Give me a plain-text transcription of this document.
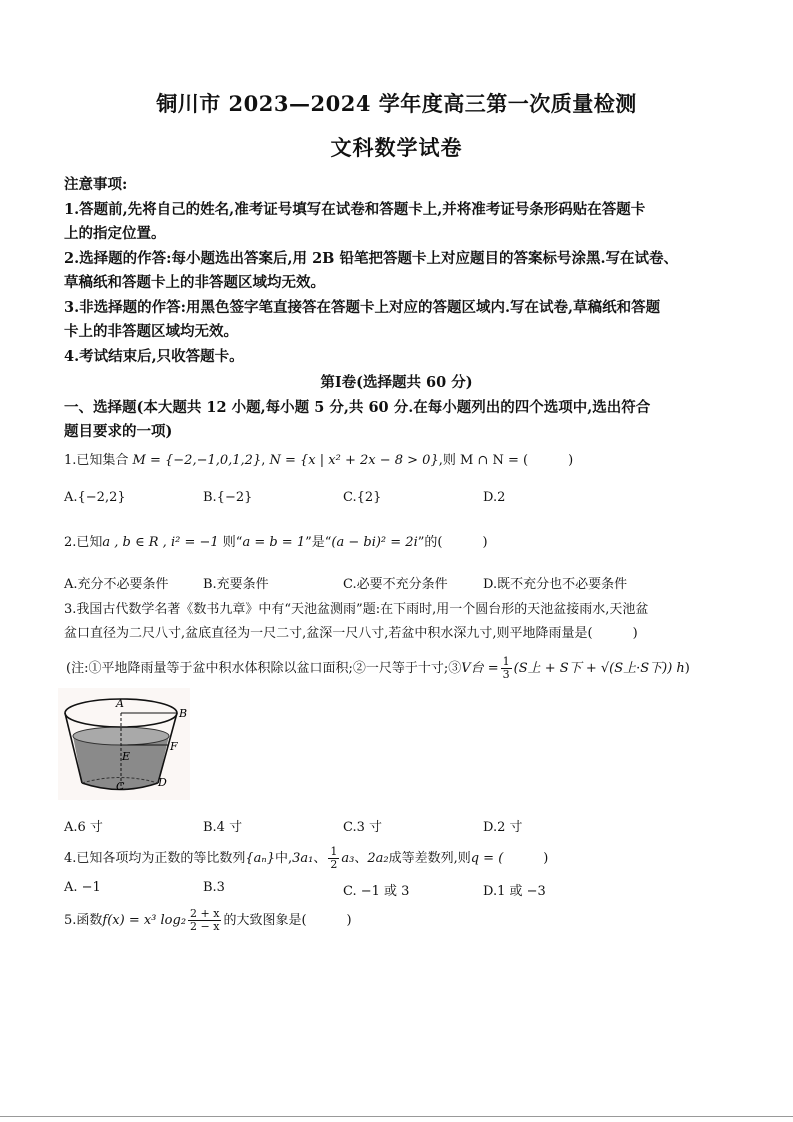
铜川市 2023—2024 学年度高三第一次质量检测
文科数学试卷
注意事项:
1.答题前,先将自己的姓名,准考证号填写在试卷和答题卡上,并将准考证号条形码贴在答题卡
上的指定位置。
2.选择题的作答:每小题选出答案后,用 2B 铅笔把答题卡上对应题目的答案标号涂黑.写在试卷、
草稿纸和答题卡上的非答题区域均无效。
3.非选择题的作答:用黑色签字笔直接答在答题卡上对应的答题区域内.写在试卷,草稿纸和答题
卡上的非答题区域均无效。
4.考试结束后,只收答题卡。
第Ⅰ卷(选择题共 60 分)
一、选择题(本大题共 12 小题,每小题 5 分,共 60 分.在每小题列出的四个选项中,选出符合
题目要求的一项)
1.已知集合 M = {−2,−1,0,1,2}, N = {x | x² + 2x − 8 > 0},则 M ∩ N = (	)
A.{−2,2}	B.{−2}	C.{2}	D.2
2.已知a , b ∈ R , i² = −1 则“a = b = 1”是“(a − bi)² = 2i”的(	)
A.充分不必要条件	B.充要条件	C.必要不充分条件	D.既不充分也不必要条件
3.我国古代数学名著《数书九章》中有“天池盆测雨”题:在下雨时,用一个圆台形的天池盆接雨水,天池盆
盆口直径为二尺八寸,盆底直径为一尺二寸,盆深一尺八寸,若盆中积水深九寸,则平地降雨量是(	)
(注:①平地降雨量等于盆中积水体积除以盆口面积;②一尺等于十寸;③V台 = $\frac{1}{3} (S$上 + S下 + √(S上·S下)) h)
A
B
E
F
C	D
A.6 寸	B.4 寸	C.3 寸	D.2 寸
4.已知各项均为正数的等比数列{aₙ}中,3a₁、 $\frac{1}{2} a_3$、2a₂成等差数列,则q = (	)
A. −1	B.3	C. −1 或 3	D.1 或 −3
5.函数f(x) = x³ $\log_2 \frac{2 + x}{2 - x}$ 的大致图象是(	)
